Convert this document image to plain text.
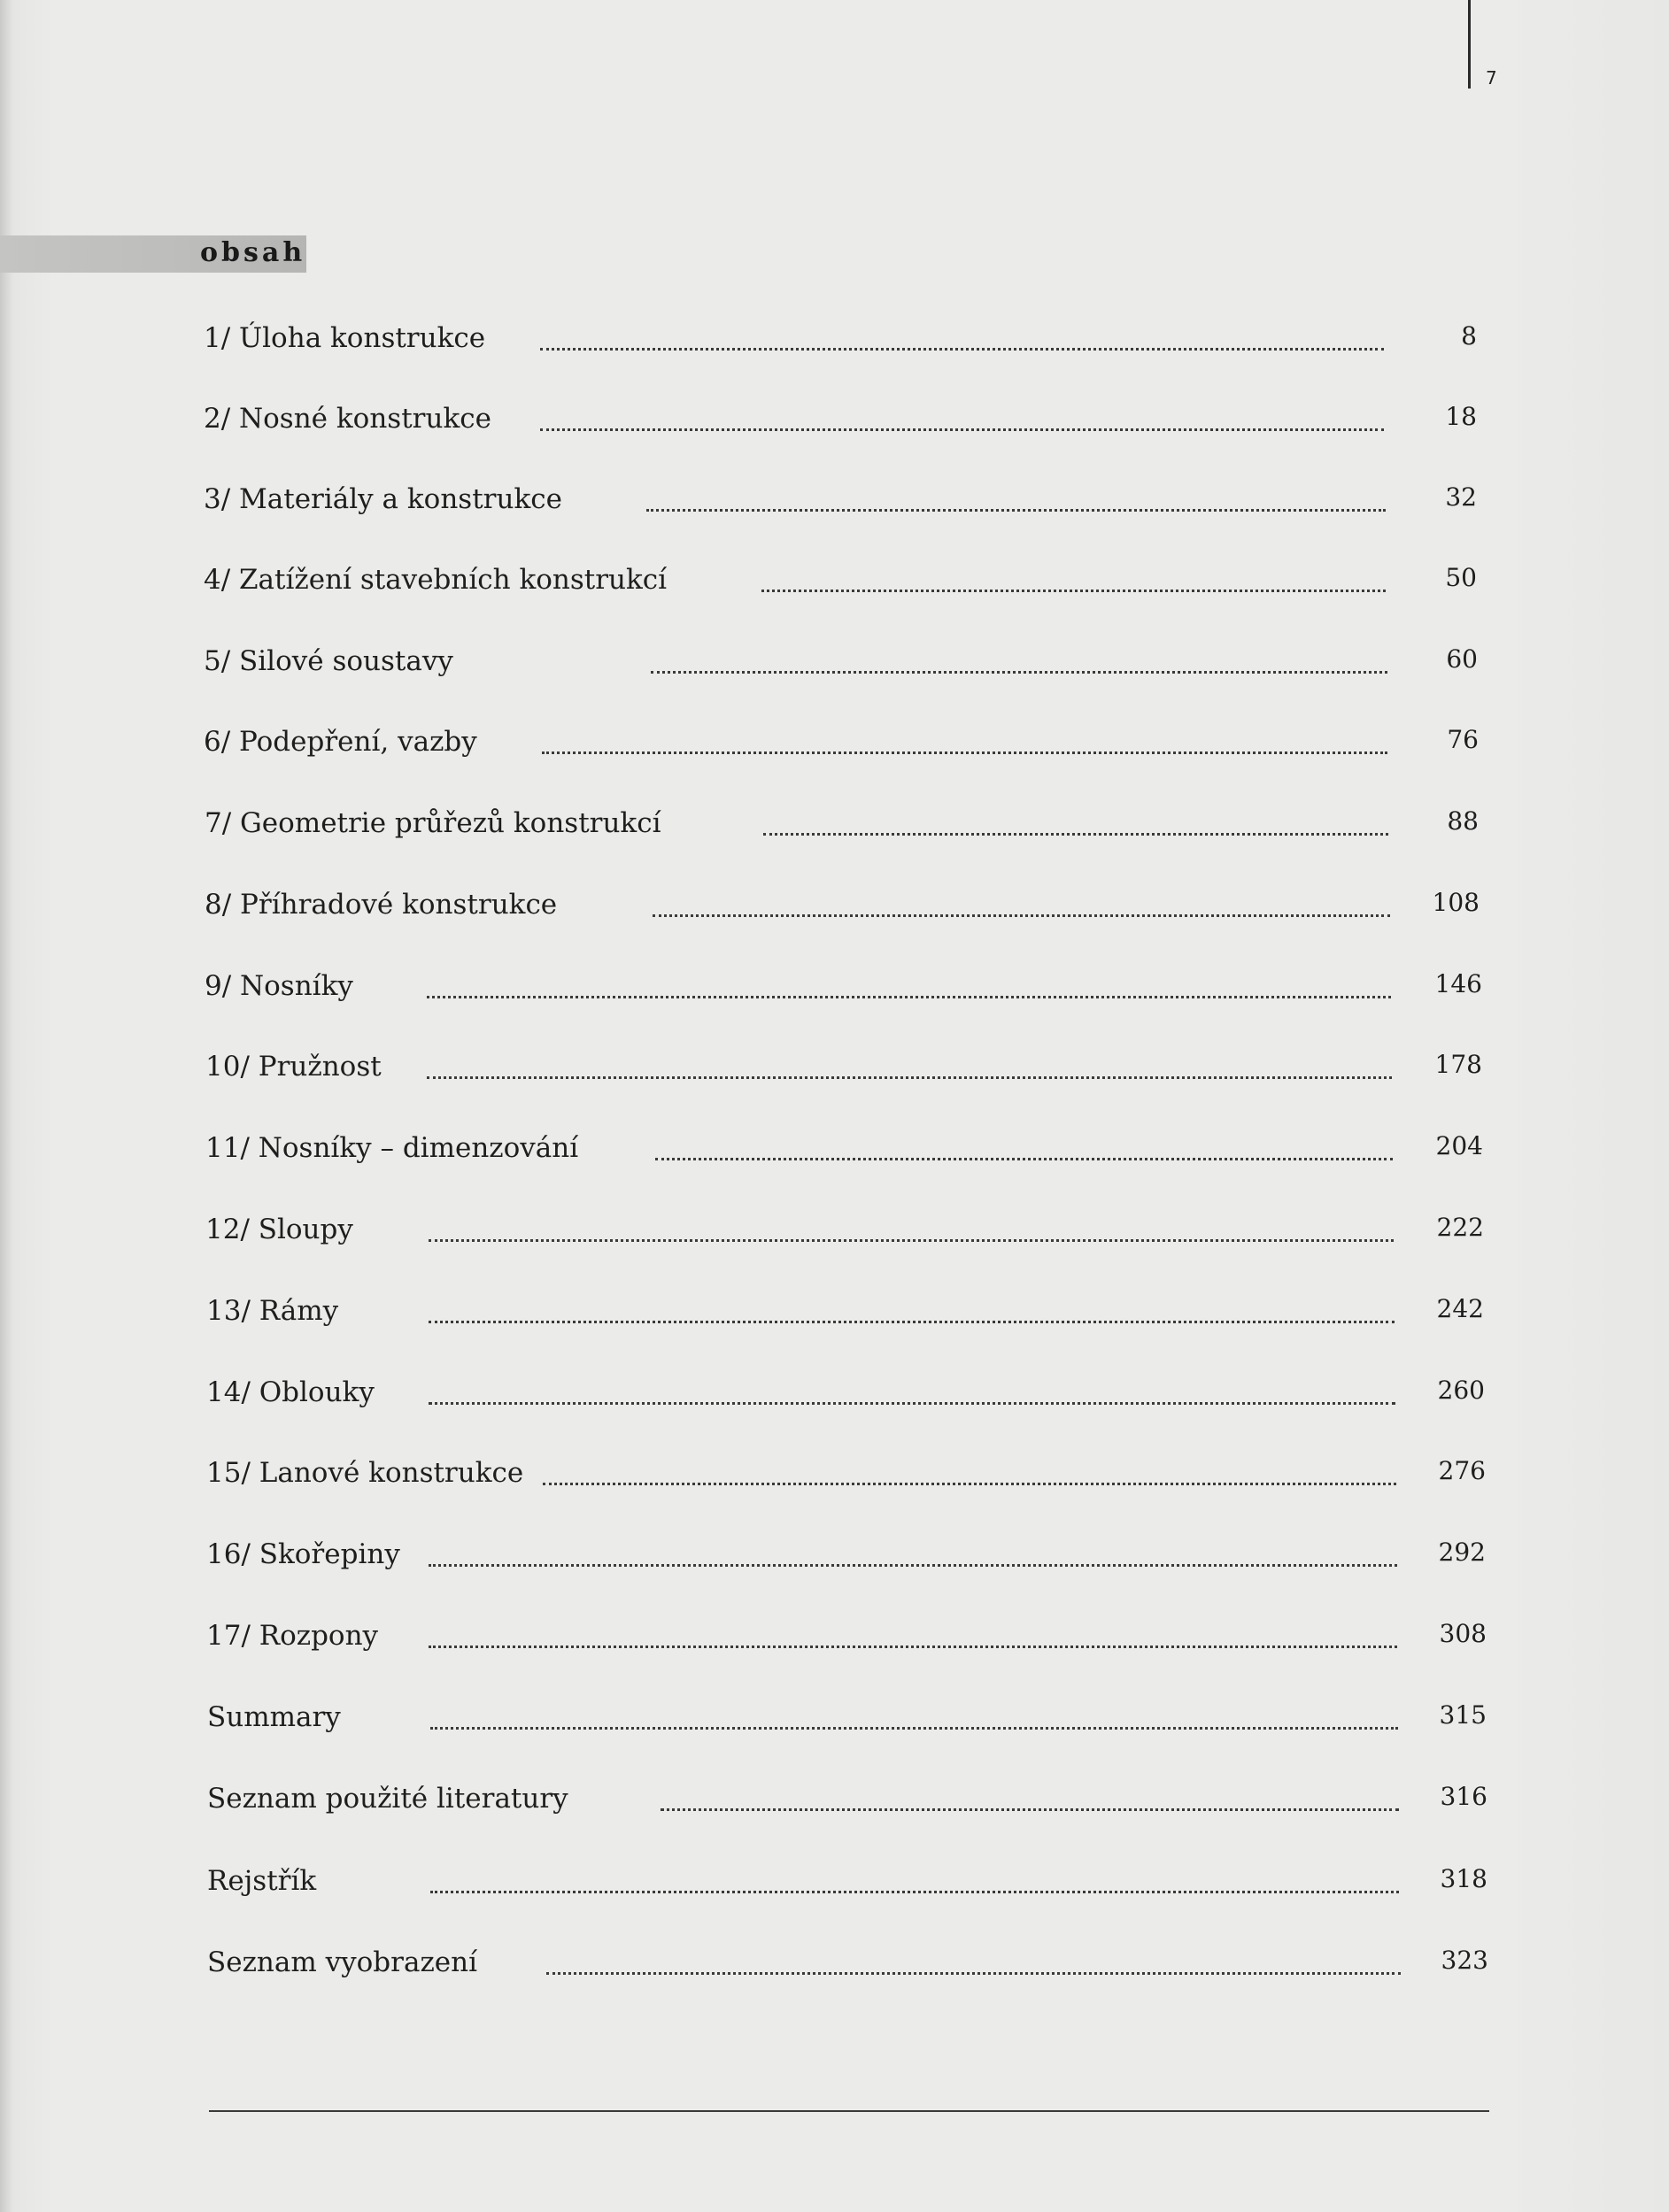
7
obsah
1/ Úloha konstrukce	8
2/ Nosné konstrukce	18
3/ Materiály a konstrukce	32
4/ Zatížení stavebních konstrukcí	50
5/ Silové soustavy	60
6/ Podepření, vazby	76
7/ Geometrie průřezů konstrukcí	88
8/ Příhradové konstrukce	108
9/ Nosníky	146
10/ Pružnost	178
11/ Nosníky – dimenzování	204
12/ Sloupy	222
13/ Rámy	242
14/ Oblouky	260
15/ Lanové konstrukce	276
16/ Skořepiny	292
17/ Rozpony	308
Summary	315
Seznam použité literatury	316
Rejstřík	318
Seznam vyobrazení	323
